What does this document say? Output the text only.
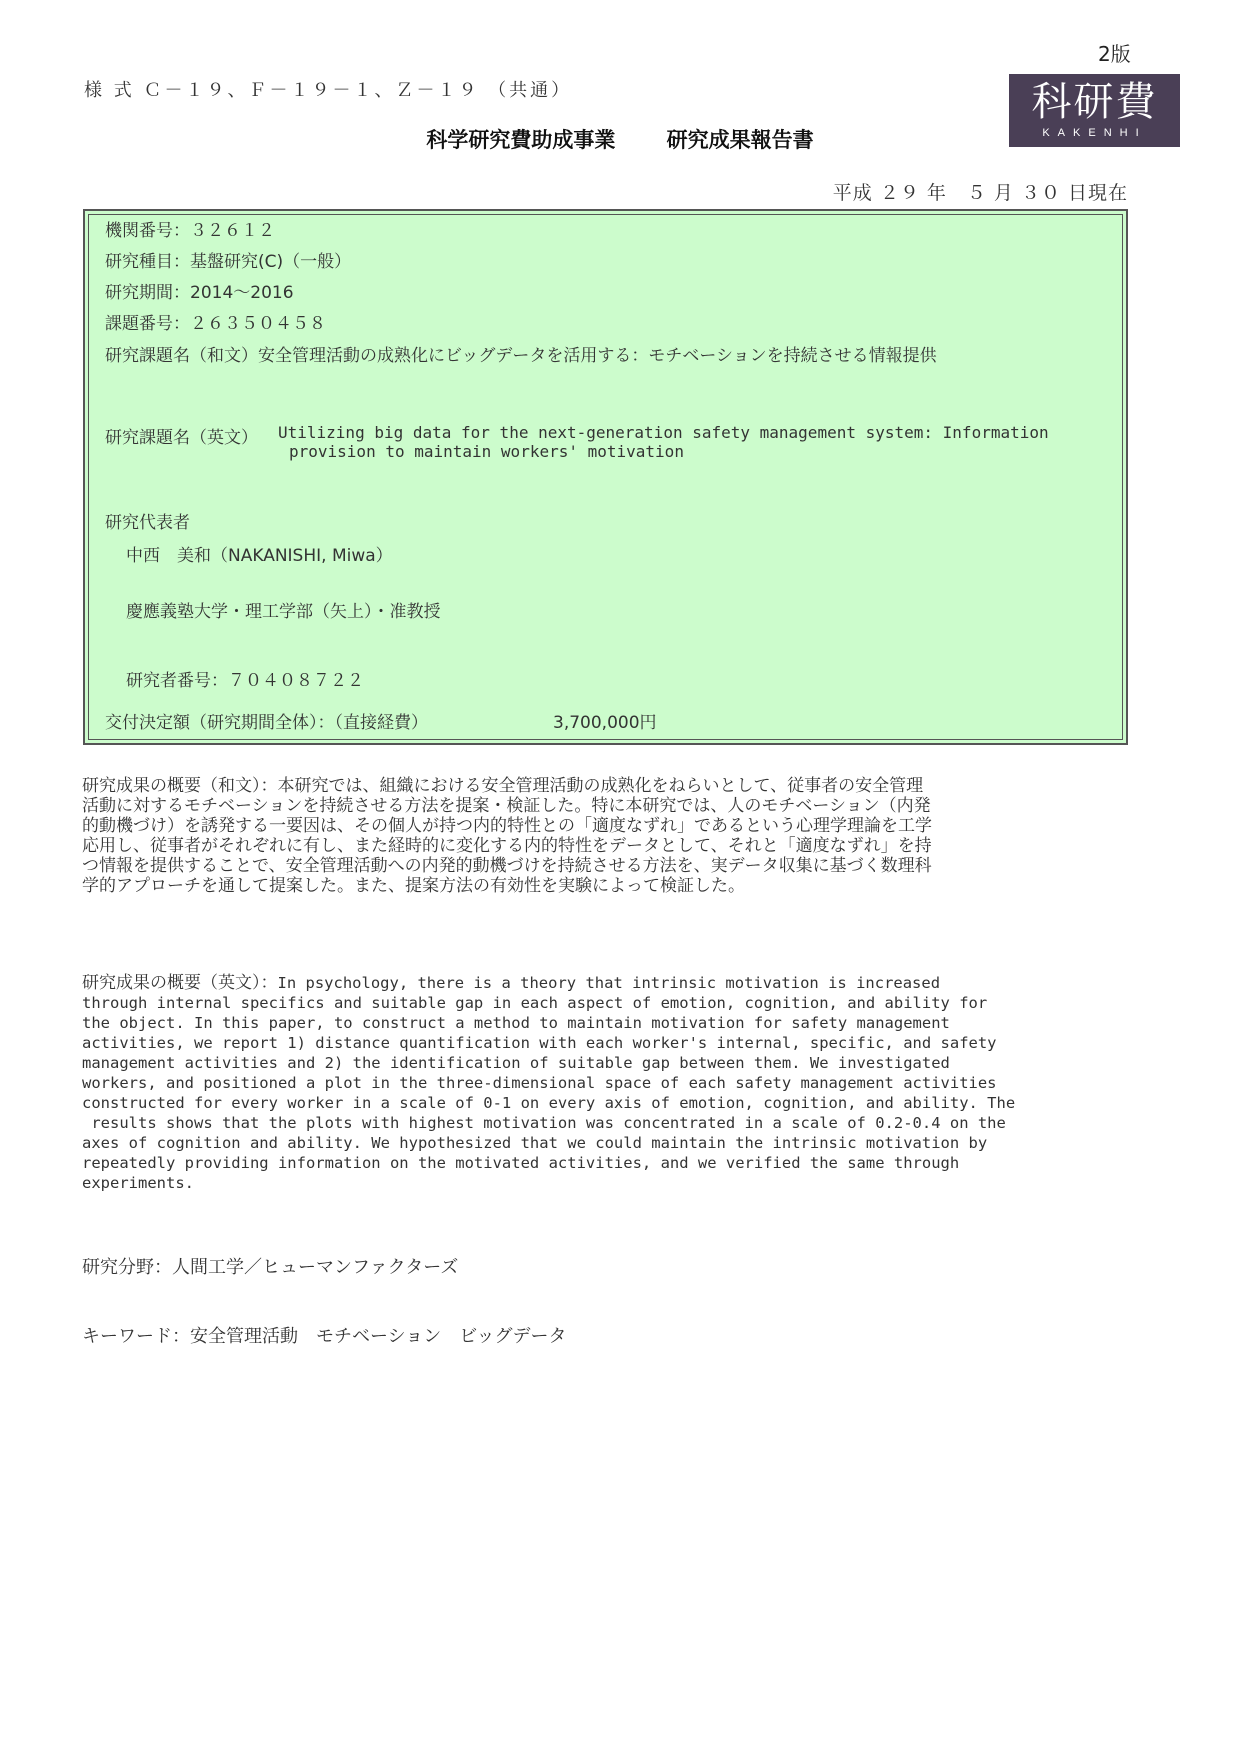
2版
様 式 Ｃ－１９、Ｆ－１９－１、Ｚ－１９ （共通）
科学研究費助成事業 研究成果報告書
科研費
KAKENHI
平成 ２９ 年　５ 月 ３０ 日現在
機関番号：３２６１２
研究種目：基盤研究(C)（一般）
研究期間：2014～2016
課題番号：２６３５０４５８
研究課題名（和文）安全管理活動の成熟化にビッグデータを活用する：モチベーションを持続させる情報提供
研究課題名（英文） Utilizing big data for the next-generation safety management system: Information
provision to maintain workers' motivation
研究代表者
中西　美和（NAKANISHI, Miwa）
慶應義塾大学・理工学部（矢上）・准教授
研究者番号：７０４０８７２２
交付決定額（研究期間全体）：（直接経費）	3,700,000円
研究成果の概要（和文）：本研究では、組織における安全管理活動の成熟化をねらいとして、従事者の安全管理
活動に対するモチベーションを持続させる方法を提案・検証した。特に本研究では、人のモチベーション（内発
的動機づけ）を誘発する一要因は、その個人が持つ内的特性との「適度なずれ」であるという心理学理論を工学
応用し、従事者がそれぞれに有し、また経時的に変化する内的特性をデータとして、それと「適度なずれ」を持
つ情報を提供することで、安全管理活動への内発的動機づけを持続させる方法を、実データ収集に基づく数理科
学的アプローチを通して提案した。また、提案方法の有効性を実験によって検証した。
研究成果の概要（英文）：In psychology, there is a theory that intrinsic motivation is increased
through internal specifics and suitable gap in each aspect of emotion, cognition, and ability for
the object. In this paper, to construct a method to maintain motivation for safety management
activities, we report 1) distance quantification with each worker's internal, specific, and safety
management activities and 2) the identification of suitable gap between them. We investigated
workers, and positioned a plot in the three-dimensional space of each safety management activities
constructed for every worker in a scale of 0-1 on every axis of emotion, cognition, and ability. The
results shows that the plots with highest motivation was concentrated in a scale of 0.2-0.4 on the
axes of cognition and ability. We hypothesized that we could maintain the intrinsic motivation by
repeatedly providing information on the motivated activities, and we verified the same through
experiments.
研究分野：人間工学／ヒューマンファクターズ
キーワード：安全管理活動　モチベーション　ビッグデータ
